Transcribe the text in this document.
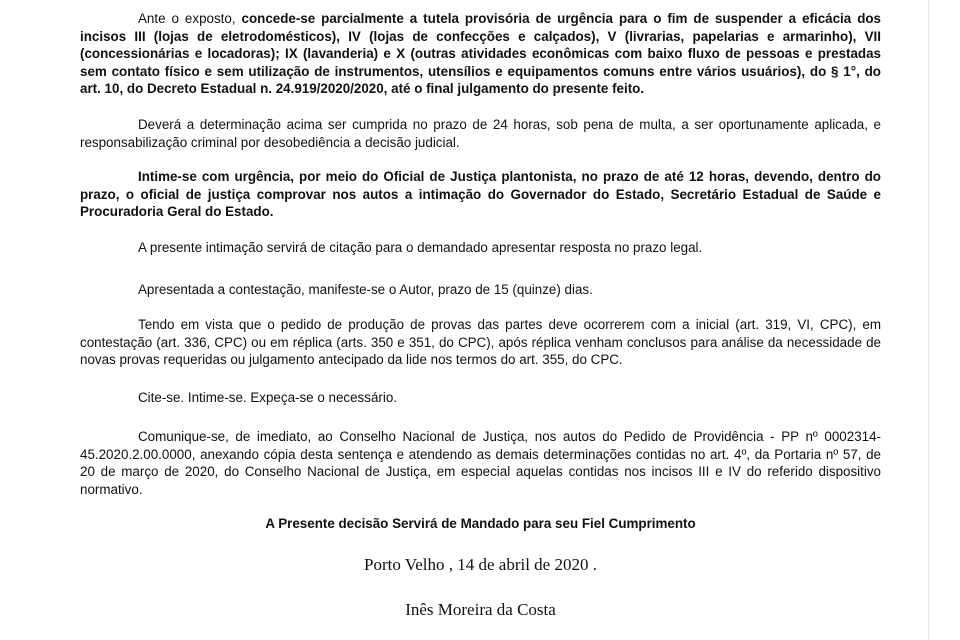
Ante o exposto, concede-se parcialmente a tutela provisória de urgência para o fim de suspender a eficácia dos incisos III (lojas de eletrodomésticos), IV (lojas de confecções e calçados), V (livrarias, papelarias e armarinho), VII (concessionárias e locadoras); IX (lavanderia) e X (outras atividades econômicas com baixo fluxo de pessoas e prestadas sem contato físico e sem utilização de instrumentos, utensílios e equipamentos comuns entre vários usuários), do § 1°, do art. 10, do Decreto Estadual n. 24.919/2020/2020, até o final julgamento do presente feito.

Deverá a determinação acima ser cumprida no prazo de 24 horas, sob pena de multa, a ser oportunamente aplicada, e responsabilização criminal por desobediência a decisão judicial.

Intime-se com urgência, por meio do Oficial de Justiça plantonista, no prazo de até 12 horas, devendo, dentro do prazo, o oficial de justiça comprovar nos autos a intimação do Governador do Estado, Secretário Estadual de Saúde e Procuradoria Geral do Estado.

A presente intimação servirá de citação para o demandado apresentar resposta no prazo legal.

Apresentada a contestação, manifeste-se o Autor, prazo de 15 (quinze) dias.

Tendo em vista que o pedido de produção de provas das partes deve ocorrerem com a inicial (art. 319, VI, CPC), em contestação (art. 336, CPC) ou em réplica (arts. 350 e 351, do CPC), após réplica venham conclusos para análise da necessidade de novas provas requeridas ou julgamento antecipado da lide nos termos do art. 355, do CPC.

Cite-se. Intime-se. Expeça-se o necessário.

Comunique-se, de imediato, ao Conselho Nacional de Justiça, nos autos do Pedido de Providência - PP nº 0002314-45.2020.2.00.0000, anexando cópia desta sentença e atendendo as demais determinações contidas no art. 4º, da Portaria nº 57, de 20 de março de 2020, do Conselho Nacional de Justiça, em especial aquelas contidas nos incisos III e IV do referido dispositivo normativo.

A Presente decisão Servirá de Mandado para seu Fiel Cumprimento

Porto Velho , 14 de abril de 2020 .

Inês Moreira da Costa
